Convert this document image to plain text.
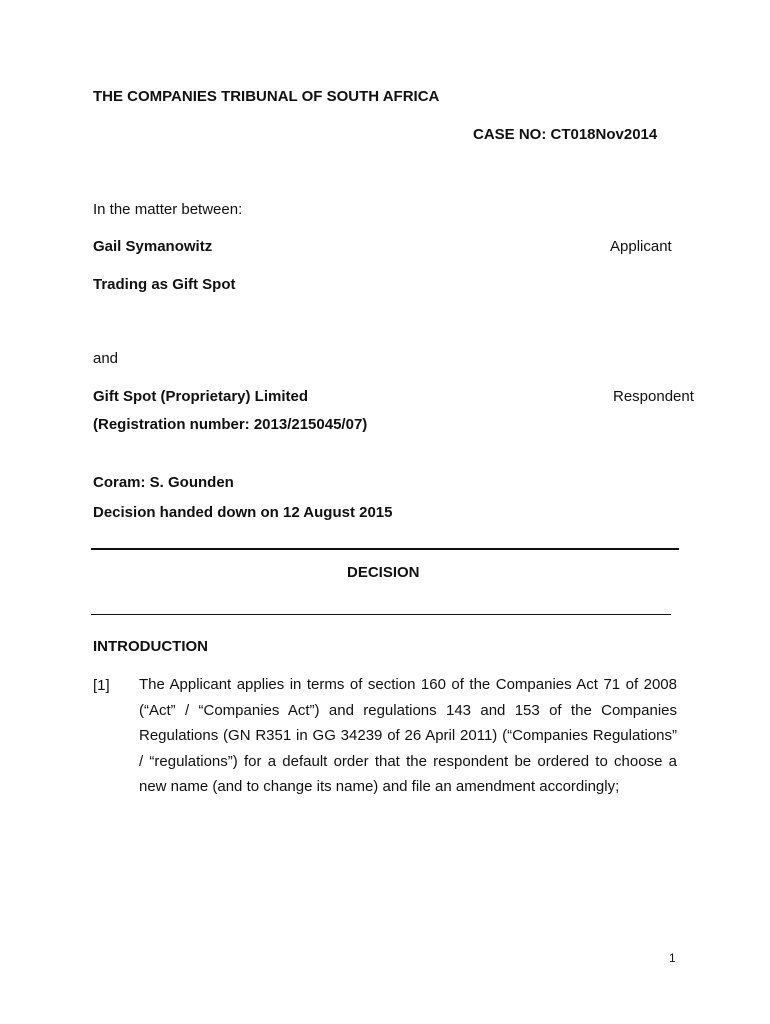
THE COMPANIES TRIBUNAL OF SOUTH AFRICA
CASE NO: CT018Nov2014
In the matter between:
Gail Symanowitz	Applicant
Trading as Gift Spot
and
Gift Spot (Proprietary) Limited	Respondent
(Registration number: 2013/215045/07)
Coram: S. Gounden
Decision handed down on 12 August 2015
DECISION
INTRODUCTION
[1] The Applicant applies in terms of section 160 of the Companies Act 71 of 2008 (“Act” / “Companies Act”) and regulations 143 and 153 of the Companies Regulations (GN R351 in GG 34239 of 26 April 2011) (“Companies Regulations” / “regulations”) for a default order that the respondent be ordered to choose a new name (and to change its name) and file an amendment accordingly;
1
